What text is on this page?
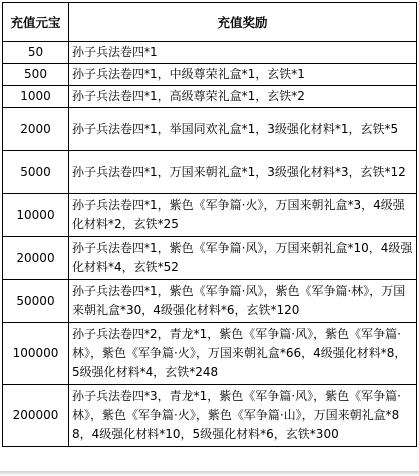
充值元宝	充值奖励
50	孙子兵法卷四*1
500	孙子兵法卷四*1，中级尊荣礼盒*1，玄铁*1
1000	孙子兵法卷四*1，高级尊荣礼盒*1，玄铁*2
2000	孙子兵法卷四*1，举国同欢礼盒*1，3级强化材料*1，玄铁*5
5000	孙子兵法卷四*1，万国来朝礼盒*1，3级强化材料*3，玄铁*12
10000	孙子兵法卷四*1，紫色《军争篇·火》，万国来朝礼盒*3，4级强化材料*2，玄铁*25
20000	孙子兵法卷四*1，紫色《军争篇·风》，万国来朝礼盒*10，4级强化材料*4，玄铁*52
50000	孙子兵法卷四*1，紫色《军争篇·风》，紫色《军争篇·林》，万国来朝礼盒*30，4级强化材料*6，玄铁*120
100000	孙子兵法卷四*2，青龙*1，紫色《军争篇·风》，紫色《军争篇·林》，紫色《军争篇·火》，万国来朝礼盒*66，4级强化材料*8，5级强化材料*4，玄铁*248
200000	孙子兵法卷四*3，青龙*1，紫色《军争篇·风》，紫色《军争篇·林》，紫色《军争篇·火》，紫色《军争篇·山》，万国来朝礼盒*88，4级强化材料*10，5级强化材料*6，玄铁*300
